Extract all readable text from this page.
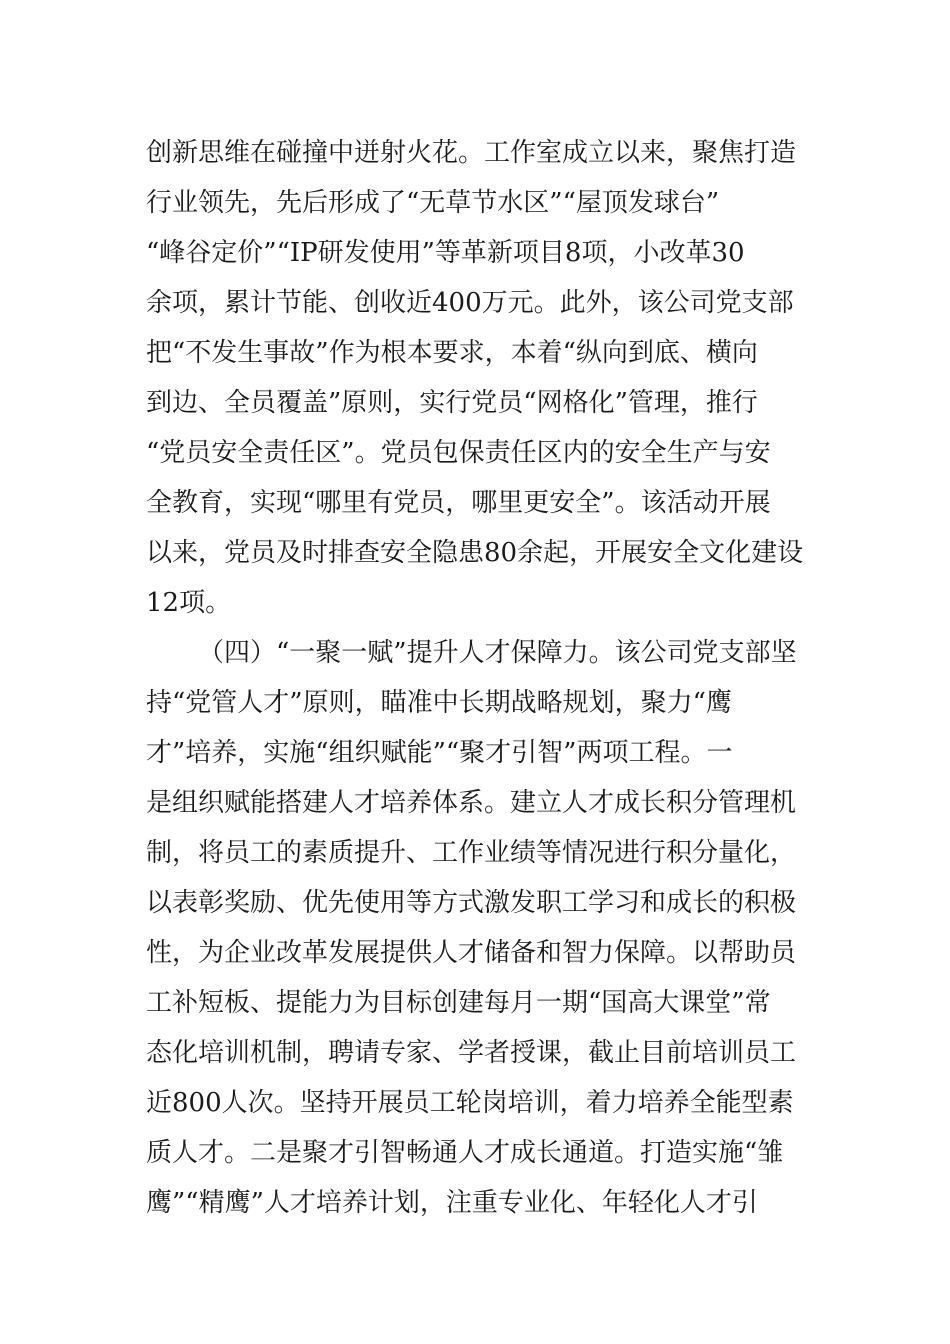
创新思维在碰撞中迸射火花。工作室成立以来，聚焦打造
行业领先，先后形成了“无草节水区”“屋顶发球台”
“峰谷定价”“IP研发使用”等革新项目8项，小改革30
余项，累计节能、创收近400万元。此外，该公司党支部
把“不发生事故”作为根本要求，本着“纵向到底、横向
到边、全员覆盖”原则，实行党员“网格化”管理，推行
“党员安全责任区”。党员包保责任区内的安全生产与安
全教育，实现“哪里有党员，哪里更安全”。该活动开展
以来，党员及时排查安全隐患80余起，开展安全文化建设
12项。
（四）“一聚一赋”提升人才保障力。该公司党支部坚
持“党管人才”原则，瞄准中长期战略规划，聚力“鹰
才”培养，实施“组织赋能”“聚才引智”两项工程。一
是组织赋能搭建人才培养体系。建立人才成长积分管理机
制，将员工的素质提升、工作业绩等情况进行积分量化，
以表彰奖励、优先使用等方式激发职工学习和成长的积极
性，为企业改革发展提供人才储备和智力保障。以帮助员
工补短板、提能力为目标创建每月一期“国高大课堂”常
态化培训机制，聘请专家、学者授课，截止目前培训员工
近800人次。坚持开展员工轮岗培训，着力培养全能型素
质人才。二是聚才引智畅通人才成长通道。打造实施“雏
鹰”“精鹰”人才培养计划，注重专业化、年轻化人才引
